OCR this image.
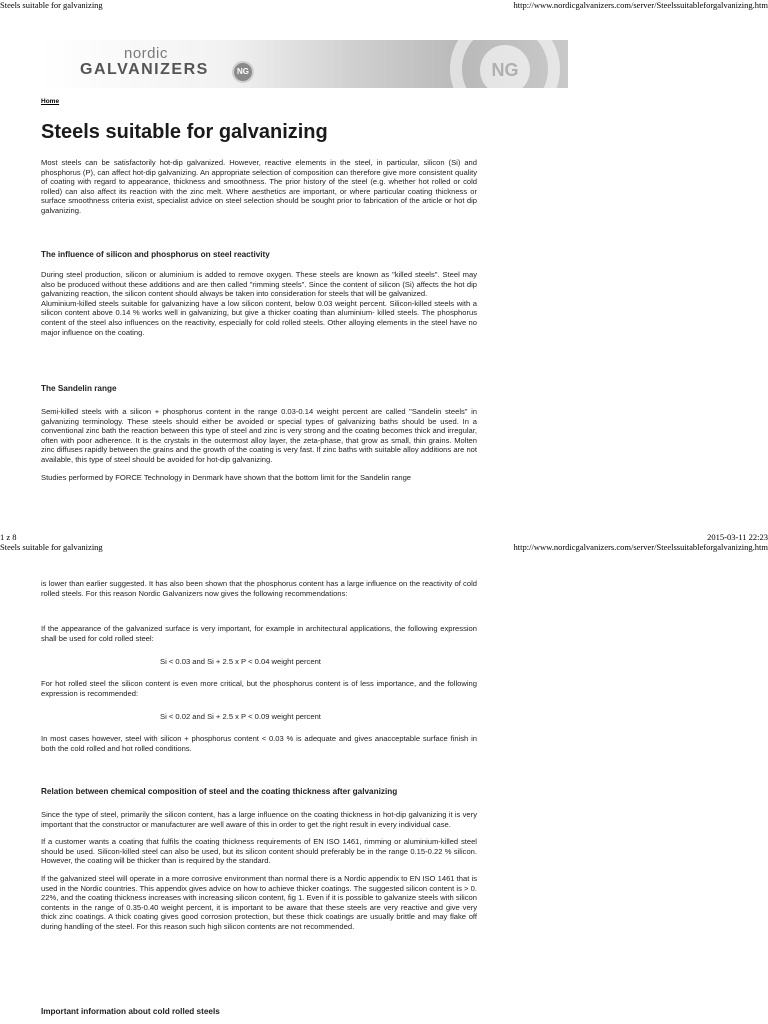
Steels suitable for galvanizing	http://www.nordicgalvanizers.com/server/Steelssuitableforgalvanizing.htm
nordic
GALVANIZERS	NG	NG
Home
Steels suitable for galvanizing

Most steels can be satisfactorily hot-dip galvanized. However, reactive elements in the steel, in particular, silicon (Si) and phosphorus (P), can affect hot-dip galvanizing. An appropriate selection of composition can therefore give more consistent quality of coating with regard to appearance, thickness and smoothness. The prior history of the steel (e.g. whether hot rolled or cold rolled) can also affect its reaction with the zinc melt. Where aesthetics are important, or where particular coating thickness or surface smoothness criteria exist, specialist advice on steel selection should be sought prior to fabrication of the article or hot dip galvanizing.

The influence of silicon and phosphorus on steel reactivity

During steel production, silicon or aluminium is added to remove oxygen. These steels are known as "killed steels". Steel may also be produced without these additions and are then called "rimming steels". Since the content of silicon (Si) affects the hot dip galvanizing reaction, the silicon content should always be taken into consideration for steels that will be galvanized.

Aluminium-killed steels suitable for galvanizing have a low silicon content, below 0.03 weight percent. Silicon-killed steels with a silicon content above 0.14 % works well in galvanizing, but give a thicker coating than aluminium- killed steels. The phosphorus content of the steel also influences on the reactivity, especially for cold rolled steels. Other alloying elements in the steel have no major influence on the coating.

The Sandelin range

Semi-killed steels with a silicon + phosphorus content in the range 0.03-0.14 weight percent are called "Sandelin steels" in galvanizing terminology. These steels should either be avoided or special types of galvanizing baths should be used. In a conventional zinc bath the reaction between this type of steel and zinc is very strong and the coating becomes thick and irregular, often with poor adherence. It is the crystals in the outermost alloy layer, the zeta-phase, that grow as small, thin grains. Molten zinc diffuses rapidly between the grains and the growth of the coating is very fast. If zinc baths with suitable alloy additions are not available, this type of steel should be avoided for hot-dip galvanizing.

Studies performed by FORCE Technology in Denmark have shown that the bottom limit for the Sandelin range

1 z 8	2015-03-11 22:23
Steels suitable for galvanizing	http://www.nordicgalvanizers.com/server/Steelssuitableforgalvanizing.htm

is lower than earlier suggested. It has also been shown that the phosphorus content has a large influence on the reactivity of cold rolled steels. For this reason Nordic Galvanizers now gives the following recommendations:

If the appearance of the galvanized surface is very important, for example in architectural applications, the following expression shall be used for cold rolled steel:

Si < 0.03 and Si + 2.5 x P < 0.04 weight percent

For hot rolled steel the silicon content is even more critical, but the phosphorus content is of less importance, and the following expression is recommended:

Si < 0.02 and Si + 2.5 x P < 0.09 weight percent

In most cases however, steel with silicon + phosphorus content < 0.03 % is adequate and gives anacceptable surface finish in both the cold rolled and hot rolled conditions.

Relation between chemical composition of steel and the coating thickness after galvanizing

Since the type of steel, primarily the silicon content, has a large influence on the coating thickness in hot-dip galvanizing it is very important that the constructor or manufacturer are well aware of this in order to get the right result in every individual case.

If a customer wants a coating that fulfils the coating thickness requirements of EN ISO 1461, rimming or aluminium-killed steel should be used. Silicon-killed steel can also be used, but its silicon content should preferably be in the range 0.15-0.22 % silicon. However, the coating will be thicker than is required by the standard.

If the galvanized steel will operate in a more corrosive environment than normal there is a Nordic appendix to EN ISO 1461 that is used in the Nordic countries. This appendix gives advice on how to achieve thicker coatings. The suggested silicon content is > 0. 22%, and the coating thickness increases with increasing silicon content, fig 1. Even if it is possible to galvanize steels with silicon contents in the range of 0.35-0.40 weight percent, it is important to be aware that these steels are very reactive and give very thick zinc coatings. A thick coating gives good corrosion protection, but these thick coatings are usually brittle and may flake off during handling of the steel. For this reason such high silicon contents are not recommended.

Important information about cold rolled steels
